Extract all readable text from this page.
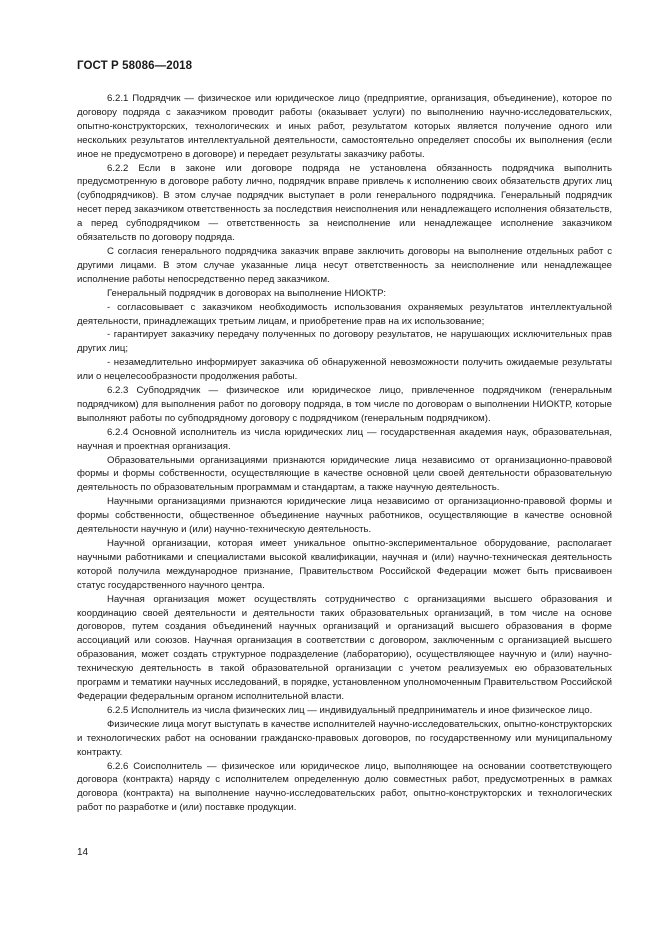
ГОСТ Р 58086—2018

6.2.1 Подрядчик — физическое или юридическое лицо (предприятие, организация, объединение), которое по договору подряда с заказчиком проводит работы (оказывает услуги) по выполнению научно-исследовательских, опытно-конструкторских, технологических и иных работ, результатом которых является получение одного или нескольких результатов интеллектуальной деятельности, самостоятельно определяет способы их выполнения (если иное не предусмотрено в договоре) и передает результаты заказчику работы.

6.2.2 Если в законе или договоре подряда не установлена обязанность подрядчика выполнить предусмотренную в договоре работу лично, подрядчик вправе привлечь к исполнению своих обязательств других лиц (субподрядчиков). В этом случае подрядчик выступает в роли генерального подрядчика. Генеральный подрядчик несет перед заказчиком ответственность за последствия неисполнения или ненадлежащего исполнения обязательств, а перед субподрядчиком — ответственность за неисполнение или ненадлежащее исполнение заказчиком обязательств по договору подряда.

С согласия генерального подрядчика заказчик вправе заключить договоры на выполнение отдельных работ с другими лицами. В этом случае указанные лица несут ответственность за неисполнение или ненадлежащее исполнение работы непосредственно перед заказчиком.

Генеральный подрядчик в договорах на выполнение НИОКТР:

- согласовывает с заказчиком необходимость использования охраняемых результатов интеллектуальной деятельности, принадлежащих третьим лицам, и приобретение прав на их использование;

- гарантирует заказчику передачу полученных по договору результатов, не нарушающих исключительных прав других лиц;

- незамедлительно информирует заказчика об обнаруженной невозможности получить ожидаемые результаты или о нецелесообразности продолжения работы.

6.2.3 Субподрядчик — физическое или юридическое лицо, привлеченное подрядчиком (генеральным подрядчиком) для выполнения работ по договору подряда, в том числе по договорам о выполнении НИОКТР, которые выполняют работы по субподрядному договору с подрядчиком (генеральным подрядчиком).

6.2.4 Основной исполнитель из числа юридических лиц — государственная академия наук, образовательная, научная и проектная организация.

Образовательными организациями признаются юридические лица независимо от организационно-правовой формы и формы собственности, осуществляющие в качестве основной цели своей деятельности образовательную деятельность по образовательным программам и стандартам, а также научную деятельность.

Научными организациями признаются юридические лица независимо от организационно-правовой формы и формы собственности, общественное объединение научных работников, осуществляющие в качестве основной деятельности научную и (или) научно-техническую деятельность.

Научной организации, которая имеет уникальное опытно-экспериментальное оборудование, располагает научными работниками и специалистами высокой квалификации, научная и (или) научно-техническая деятельность которой получила международное признание, Правительством Российской Федерации может быть присваивоен статус государственного научного центра.

Научная организация может осуществлять сотрудничество с организациями высшего образования и координацию своей деятельности и деятельности таких образовательных организаций, в том числе на основе договоров, путем создания объединений научных организаций и организаций высшего образования в форме ассоциаций или союзов. Научная организация в соответствии с договором, заключенным с организацией высшего образования, может создать структурное подразделение (лабораторию), осуществляющее научную и (или) научно-техническую деятельность в такой образовательной организации с учетом реализуемых ею образовательных программ и тематики научных исследований, в порядке, установленном уполномоченным Правительством Российской Федерации федеральным органом исполнительной власти.

6.2.5 Исполнитель из числа физических лиц — индивидуальный предприниматель и иное физическое лицо.

Физические лица могут выступать в качестве исполнителей научно-исследовательских, опытно-конструкторских и технологических работ на основании гражданско-правовых договоров, по государственному или муниципальному контракту.

6.2.6 Соисполнитель — физическое или юридическое лицо, выполняющее на основании соответствующего договора (контракта) наряду с исполнителем определенную долю совместных работ, предусмотренных в рамках договора (контракта) на выполнение научно-исследовательских работ, опытно-конструкторских и технологических работ по разработке и (или) поставке продукции.

14
